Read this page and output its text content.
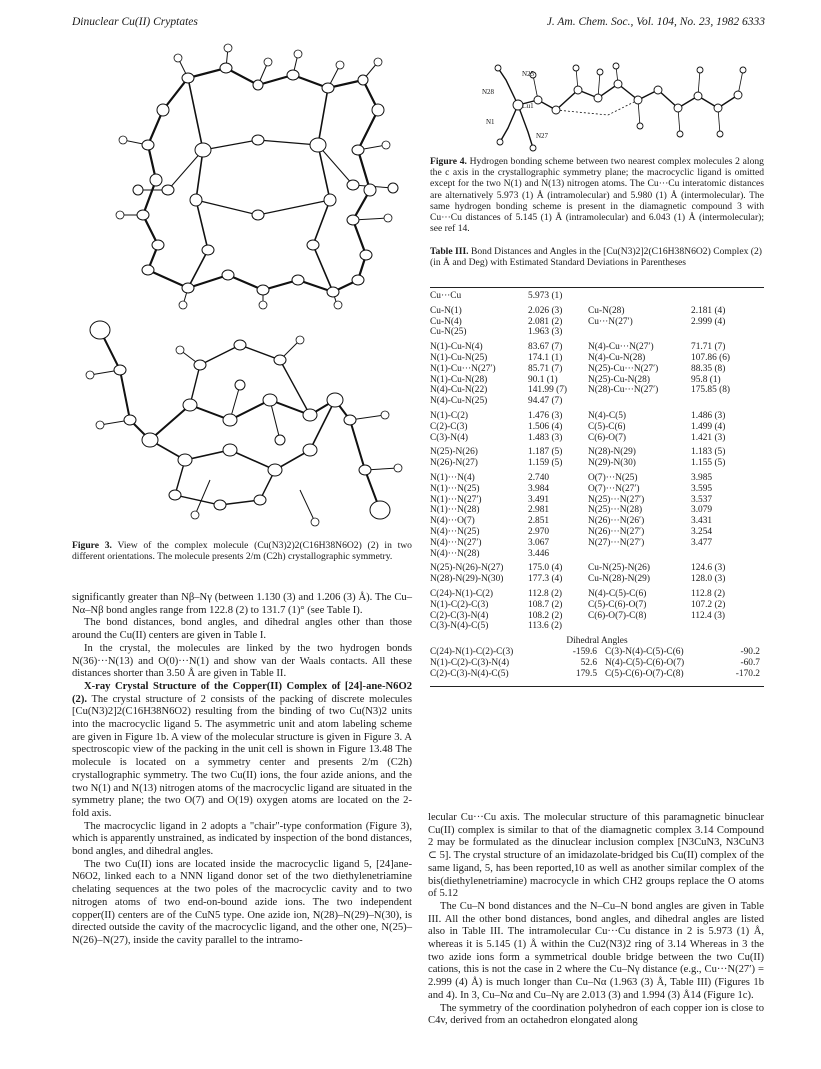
Dinuclear Cu(II) Cryptates	J. Am. Chem. Soc., Vol. 104, No. 23, 1982 6333
Figure 3. View of the complex molecule (Cu(N3)2)2(C16H38N6O2) (2) in two different orientations. The molecule presents 2/m (C2h) crystallographic symmetry.
N25
N28
Cu1
N1
N27
Figure 4. Hydrogen bonding scheme between two nearest complex molecules 2 along the c axis in the crystallographic symmetry plane; the macrocyclic ligand is omitted except for the two N(1) and N(13) nitrogen atoms. The Cu···Cu interatomic distances are alternatively 5.973 (1) Å (intramolecular) and 5.980 (1) Å (intermolecular). The same hydrogen bonding scheme is present in the diamagnetic compound 3 with Cu···Cu distances of 5.145 (1) Å (intramolecular) and 6.043 (1) Å (intermolecular); see ref 14.
Table III. Bond Distances and Angles in the [Cu(N3)2]2(C16H38N6O2) Complex (2) (in Å and Deg) with Estimated Standard Deviations in Parentheses
Cu···Cu	5.973 (1)
Cu-N(1)	2.026 (3)	Cu-N(28)	2.181 (4)
Cu-N(4)	2.081 (2)	Cu···N(27′)	2.999 (4)
Cu-N(25)	1.963 (3)
N(1)-Cu-N(4)	83.67 (7)	N(4)-Cu···N(27′)	71.71 (7)
N(1)-Cu-N(25)	174.1 (1)	N(4)-Cu-N(28)	107.86 (6)
N(1)-Cu···N(27′)	85.71 (7)	N(25)-Cu···N(27′)	88.35 (8)
N(1)-Cu-N(28)	90.1 (1)	N(25)-Cu-N(28)	95.8 (1)
N(4)-Cu-N(22)	141.99 (7)	N(28)-Cu···N(27′)	175.85 (8)
N(4)-Cu-N(25)	94.47 (7)
N(1)-C(2)	1.476 (3)	N(4)-C(5)	1.486 (3)
C(2)-C(3)	1.506 (4)	C(5)-C(6)	1.499 (4)
C(3)-N(4)	1.483 (3)	C(6)-O(7)	1.421 (3)
N(25)-N(26)	1.187 (5)	N(28)-N(29)	1.183 (5)
N(26)-N(27)	1.159 (5)	N(29)-N(30)	1.155 (5)
N(1)···N(4)	2.740	O(7)···N(25)	3.985
N(1)···N(25)	3.984	O(7)···N(27′)	3.595
N(1)···N(27′)	3.491	N(25)···N(27′)	3.537
N(1)···N(28)	2.981	N(25)···N(28)	3.079
N(4)···O(7)	2.851	N(26)···N(26′)	3.431
N(4)···N(25)	2.970	N(26)···N(27′)	3.254
N(4)···N(27′)	3.067	N(27)···N(27′)	3.477
N(4)···N(28)	3.446
N(25)-N(26)-N(27)	175.0 (4)	Cu-N(25)-N(26)	124.6 (3)
N(28)-N(29)-N(30)	177.3 (4)	Cu-N(28)-N(29)	128.0 (3)
C(24)-N(1)-C(2)	112.8 (2)	N(4)-C(5)-C(6)	112.8 (2)
N(1)-C(2)-C(3)	108.7 (2)	C(5)-C(6)-O(7)	107.2 (2)
C(2)-C(3)-N(4)	108.2 (2)	C(6)-O(7)-C(8)	112.4 (3)
C(3)-N(4)-C(5)	113.6 (2)
Dihedral Angles
C(24)-N(1)-C(2)-C(3)	-159.6 C(3)-N(4)-C(5)-C(6)	-90.2
N(1)-C(2)-C(3)-N(4)	52.6 N(4)-C(5)-C(6)-O(7)	-60.7
C(2)-C(3)-N(4)-C(5)	179.5 C(5)-C(6)-O(7)-C(8)	-170.2

significantly greater than Nβ–Nγ (between 1.130 (3) and 1.206 (3) Å). The Cu–Nα–Nβ bond angles range from 122.8 (2) to 131.7 (1)° (see Table I).

The bond distances, bond angles, and dihedral angles other than those around the Cu(II) centers are given in Table I.

In the crystal, the molecules are linked by the two hydrogen bonds N(36)···N(13) and O(0)···N(1) and show van der Waals contacts. All these distances shorter than 3.50 Å are given in Table II.

X-ray Crystal Structure of the Copper(II) Complex of [24]-ane-N6O2 (2). The crystal structure of 2 consists of the packing of discrete molecules [Cu(N3)2]2(C16H38N6O2) resulting from the binding of two Cu(N3)2 units into the macrocyclic ligand 5. The asymmetric unit and atom labeling scheme are given in Figure 1b. A view of the molecular structure is given in Figure 3. A spectroscopic view of the packing in the unit cell is shown in Figure 13.48 The molecule is located on a symmetry center and presents 2/m (C2h) crystallographic symmetry. The two Cu(II) ions, the four azide anions, and the two N(1) and N(13) nitrogen atoms of the macrocyclic ligand are situated in the symmetry plane; the two O(7) and O(19) oxygen atoms are located on the 2-fold axis.

The macrocyclic ligand in 2 adopts a "chair"-type conformation (Figure 3), which is apparently unstrained, as indicated by inspection of the bond distances, bond angles, and dihedral angles.

The two Cu(II) ions are located inside the macrocyclic ligand 5, [24]ane-N6O2, linked each to a NNN ligand donor set of the two diethylenetriamine chelating sequences at the two poles of the macrocyclic cavity and to two nitrogen atoms of two end-on-bound azide ions. The two independent copper(II) centers are of the CuN5 type. One azide ion, N(28)–N(29)–N(30), is directed outside the cavity of the macrocyclic ligand, and the other one, N(25)–N(26)–N(27), inside the cavity parallel to the intramo-

lecular Cu···Cu axis. The molecular structure of this paramagnetic binuclear Cu(II) complex is similar to that of the diamagnetic complex 3.14 Compound 2 may be formulated as the dinuclear inclusion complex [N3CuN3, N3CuN3 ⊂ 5]. The crystal structure of an imidazolate-bridged bis Cu(II) complex of the same ligand, 5, has been reported,10 as well as another similar complex of the bis(diethylenetriamine) macrocycle in which CH2 groups replace the O atoms of 5.12

The Cu–N bond distances and the N–Cu–N bond angles are given in Table III. All the other bond distances, bond angles, and dihedral angles are listed also in Table III. The intramolecular Cu···Cu distance in 2 is 5.973 (1) Å, whereas it is 5.145 (1) Å within the Cu2(N3)2 ring of 3.14 Whereas in 3 the two azide ions form a symmetrical double bridge between the two Cu(II) cations, this is not the case in 2 where the Cu–Nγ distance (e.g., Cu···N(27′) = 2.999 (4) Å) is much longer than Cu–Nα (1.963 (3) Å, Table III) (Figures 1b and 4). In 3, Cu–Nα and Cu–Nγ are 2.013 (3) and 1.994 (3) Å14 (Figure 1c).

The symmetry of the coordination polyhedron of each copper ion is close to C4v, derived from an octahedron elongated along
